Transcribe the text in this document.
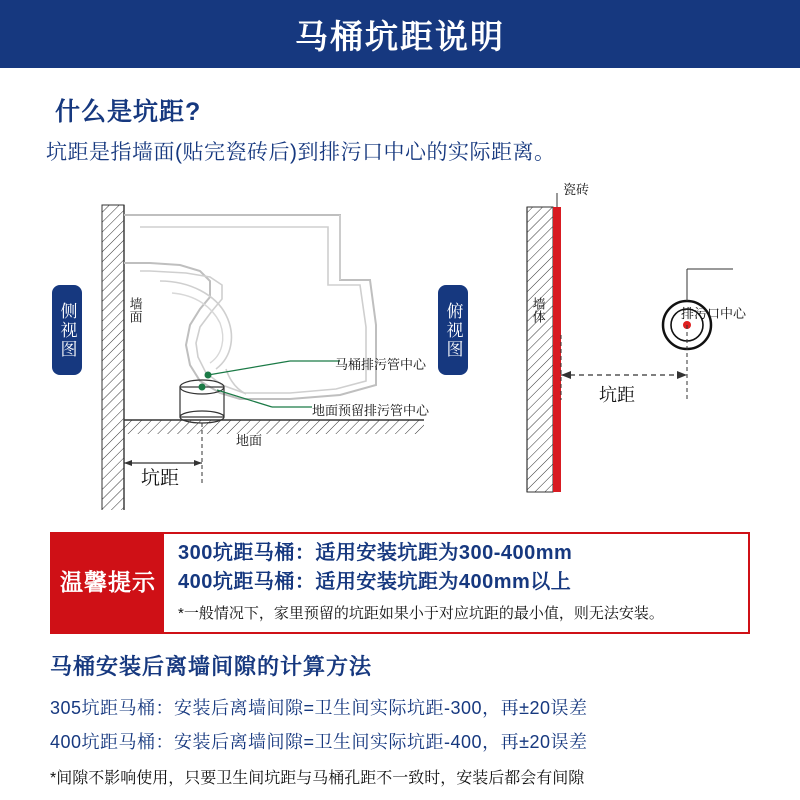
马桶坑距说明
什么是坑距?
坑距是指墙面(贴完瓷砖后)到排污口中心的实际距离。
侧视图	墙面
马桶排污管中心
地面预留排污管中心
地面
坑距
俯视图
瓷砖
墙体	排污口中心
坑距
温馨提示
300坑距马桶：适用安装坑距为300-400mm
400坑距马桶：适用安装坑距为400mm以上
*一般情况下，家里预留的坑距如果小于对应坑距的最小值，则无法安装。
马桶安装后离墙间隙的计算方法
305坑距马桶：安装后离墙间隙=卫生间实际坑距-300，再±20误差
400坑距马桶：安装后离墙间隙=卫生间实际坑距-400，再±20误差
*间隙不影响使用，只要卫生间坑距与马桶孔距不一致时，安装后都会有间隙
